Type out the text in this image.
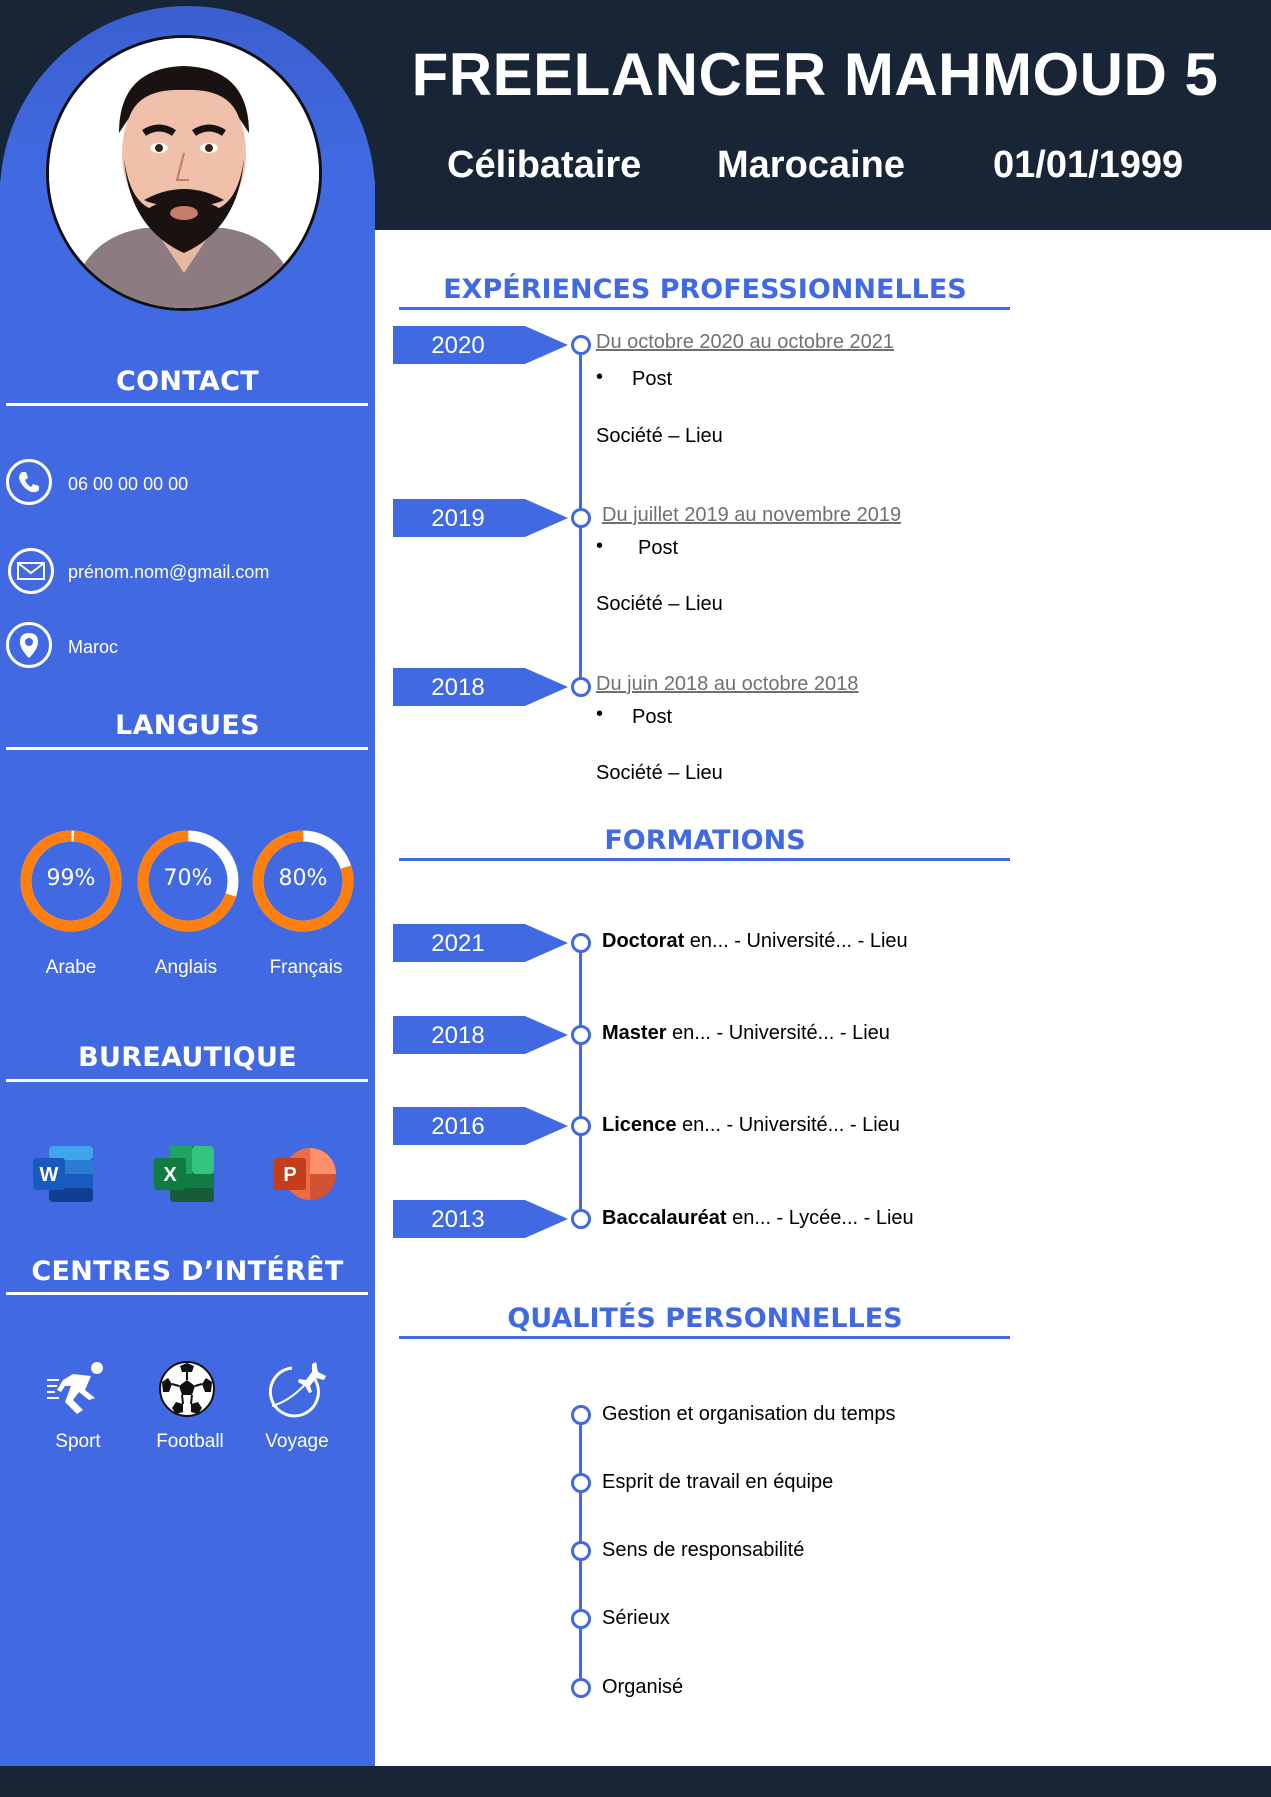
CONTACT
06 00 00 00 00
prénom.nom@gmail.com
Maroc
LANGUES
99%	70%	80%
Arabe	Anglais	Français
BUREAUTIQUE
W	X	P
CENTRES D’INTÉRÊT
Sport	Football	Voyage
FREELANCER MAHMOUD 5
Célibataire Marocaine 01/01/1999
EXPÉRIENCES PROFESSIONNELLES
2020	Du octobre 2020 au octobre 2021
• Post
Société – Lieu
2019	Du juillet 2019 au novembre 2019
• Post
Société – Lieu
2018	Du juin 2018 au octobre 2018
• Post
Société – Lieu
FORMATIONS
2021	Doctorat en... - Université... - Lieu
2018	Master en... - Université... - Lieu
2016	Licence en... - Université... - Lieu
2013	Baccalauréat en... - Lycée... - Lieu
QUALITÉS PERSONNELLES
Gestion et organisation du temps
Esprit de travail en équipe
Sens de responsabilité
Sérieux
Organisé
